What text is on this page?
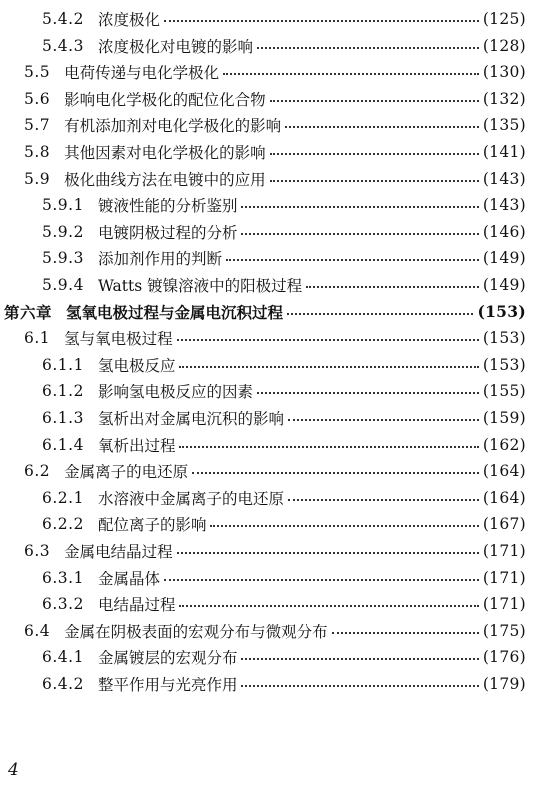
5.4.2 浓度极化	(125)
5.4.3 浓度极化对电镀的影响	(128)
5.5 电荷传递与电化学极化	(130)
5.6 影响电化学极化的配位化合物	(132)
5.7 有机添加剂对电化学极化的影响	(135)
5.8 其他因素对电化学极化的影响	(141)
5.9 极化曲线方法在电镀中的应用	(143)
5.9.1 镀液性能的分析鉴别	(143)
5.9.2 电镀阴极过程的分析	(146)
5.9.3 添加剂作用的判断	(149)
5.9.4 Watts 镀镍溶液中的阳极过程	(149)
第六章 氢氧电极过程与金属电沉积过程	(153)
6.1 氢与氧电极过程	(153)
6.1.1 氢电极反应	(153)
6.1.2 影响氢电极反应的因素	(155)
6.1.3 氢析出对金属电沉积的影响	(159)
6.1.4 氧析出过程	(162)
6.2 金属离子的电还原	(164)
6.2.1 水溶液中金属离子的电还原	(164)
6.2.2 配位离子的影响	(167)
6.3 金属电结晶过程	(171)
6.3.1 金属晶体	(171)
6.3.2 电结晶过程	(171)
6.4 金属在阴极表面的宏观分布与微观分布	(175)
6.4.1 金属镀层的宏观分布	(176)
6.4.2 整平作用与光亮作用	(179)
4
